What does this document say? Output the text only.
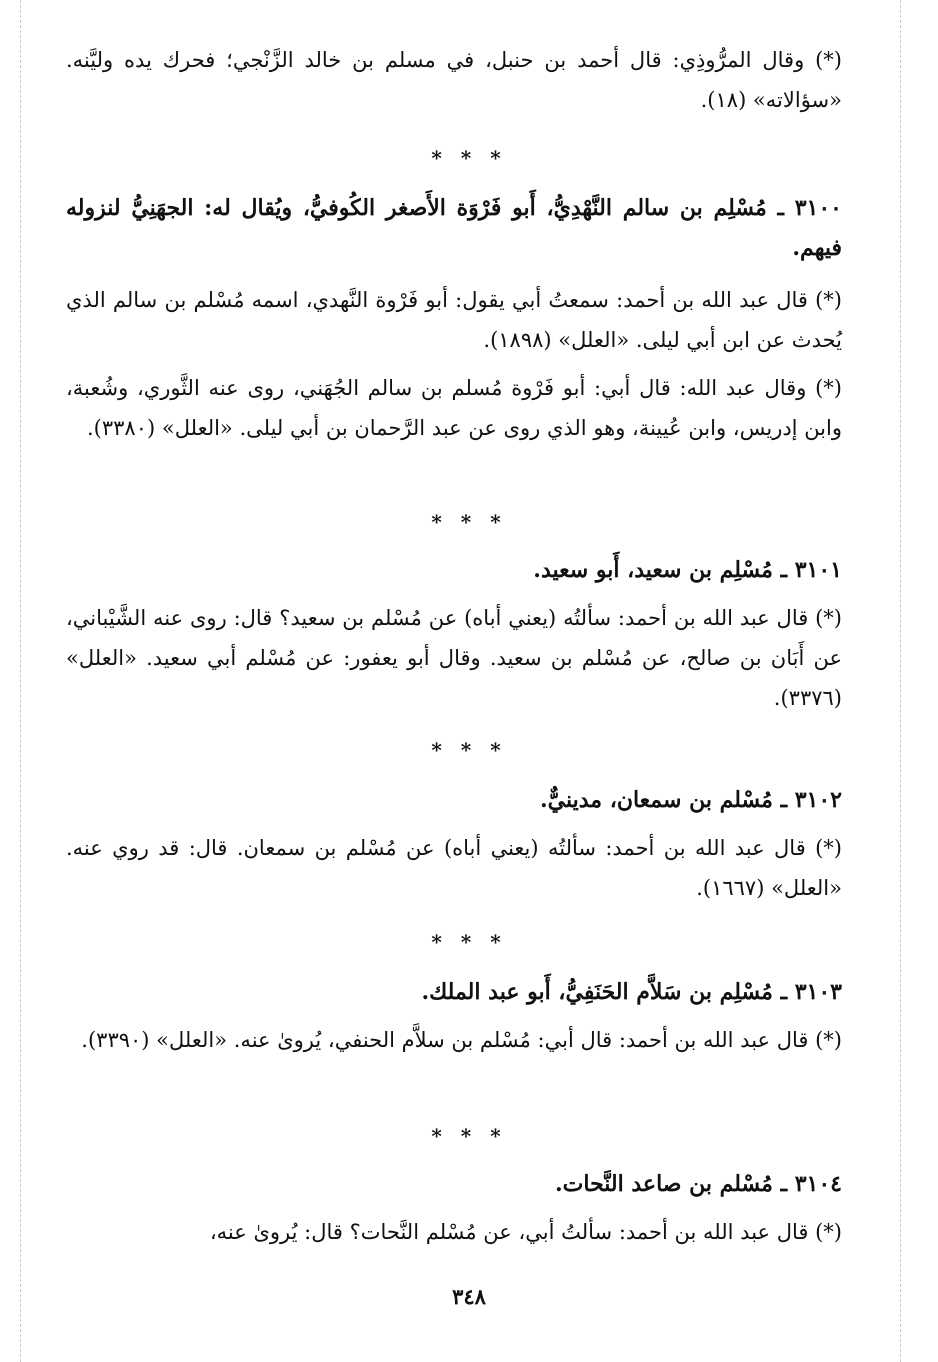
(*) وقال المرُّوذِي: قال أحمد بن حنبل، في مسلم بن خالد الزَّنْجي؛ فحرك يده وليَّنه. «سؤالاته» (١٨).

* * *

٣١٠٠ ـ مُسْلِم بن سالم النَّهْدِيُّ، أَبو فَرْوَة الأَصغر الكُوفيُّ، ويُقال له: الجهَنِيُّ لنزوله فيهم.

(*) قال عبد الله بن أحمد: سمعتُ أبي يقول: أبو فَرْوة النَّهدي، اسمه مُسْلم بن سالم الذي يُحدث عن ابن أبي ليلى. «العلل» (١٨٩٨).

(*) وقال عبد الله: قال أبي: أبو فَرْوة مُسلم بن سالم الجُهَني، روى عنه الثَّوري، وشُعبة، وابن إدريس، وابن عُيينة، وهو الذي روى عن عبد الرَّحمان بن أبي ليلى. «العلل» (٣٣٨٠).

* * *

٣١٠١ ـ مُسْلِم بن سعيد، أَبو سعيد.

(*) قال عبد الله بن أحمد: سألتُه (يعني أباه) عن مُسْلم بن سعيد؟ قال: روى عنه الشَّيْباني، عن أَبَان بن صالح، عن مُسْلم بن سعيد. وقال أبو يعفور: عن مُسْلم أبي سعيد. «العلل» (٣٣٧٦).

* * *

٣١٠٢ ـ مُسْلم بن سمعان، مدينيٌّ.

(*) قال عبد الله بن أحمد: سألتُه (يعني أباه) عن مُسْلم بن سمعان. قال: قد روي عنه. «العلل» (١٦٦٧).

* * *

٣١٠٣ ـ مُسْلِم بن سَلاَّم الحَنَفِيُّ، أَبو عبد الملك.

(*) قال عبد الله بن أحمد: قال أبي: مُسْلم بن سلاَّم الحنفي، يُروىٰ عنه. «العلل» (٣٣٩٠).

* * *

٣١٠٤ ـ مُسْلم بن صاعد النَّحات.

(*) قال عبد الله بن أحمد: سألتُ أبي، عن مُسْلم النَّحات؟ قال: يُروىٰ عنه،

٣٤٨
